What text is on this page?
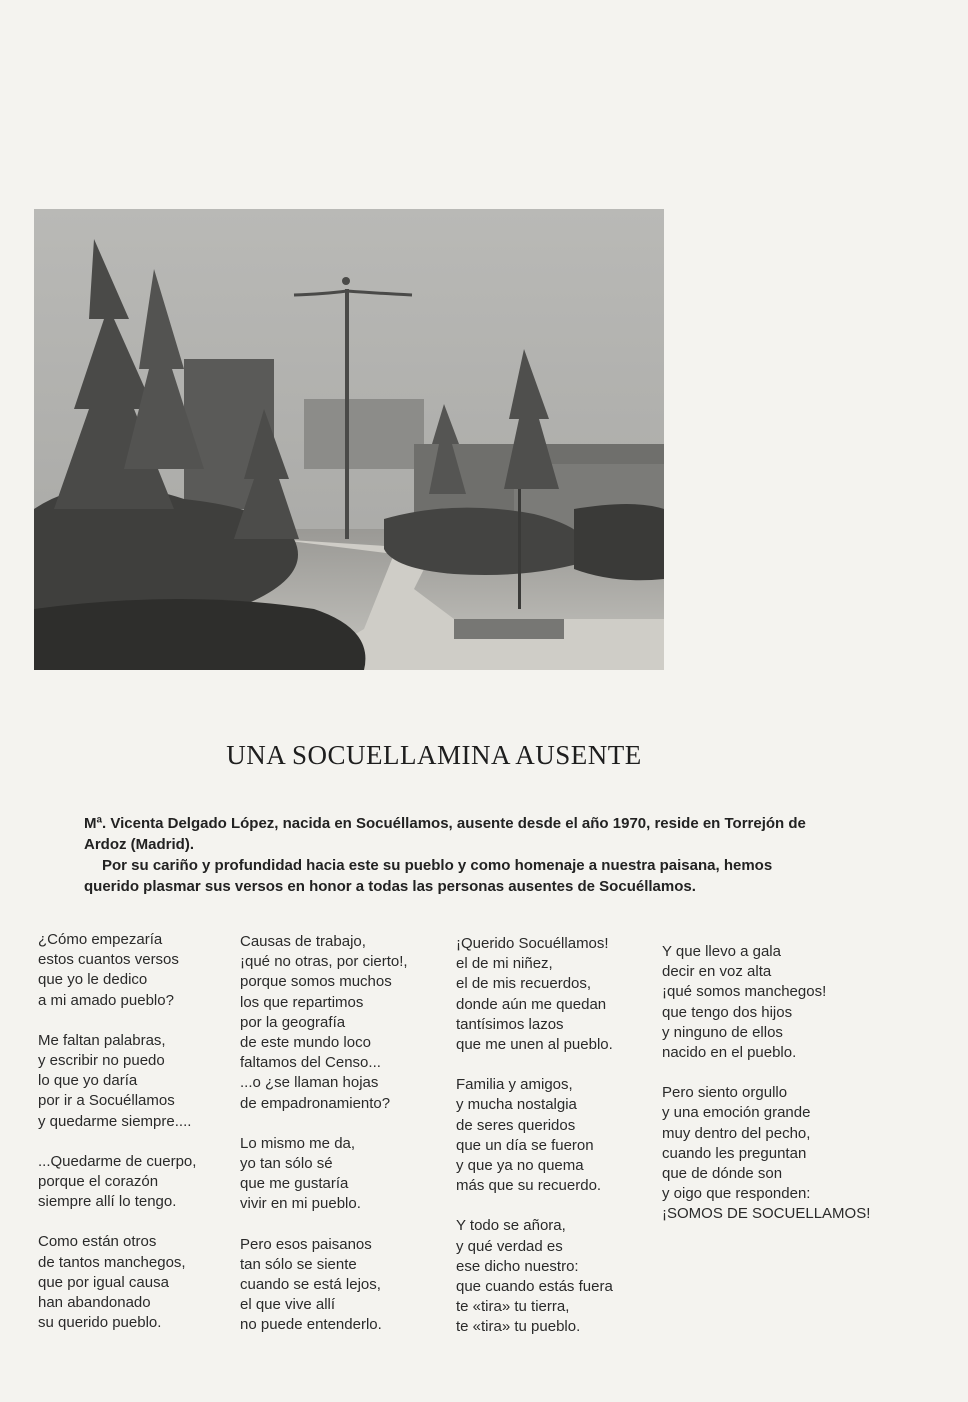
UNA SOCUELLAMINA AUSENTE

Mª. Vicenta Delgado López, nacida en Socuéllamos, ausente desde el año 1970, reside en Torrejón de Ardoz (Madrid).

Por su cariño y profundidad hacia este su pueblo y como homenaje a nuestra paisana, hemos querido plasmar sus versos en honor a todas las personas ausentes de Socuéllamos.

¿Cómo empezaría
estos cuantos versos
que yo le dedico
a mi amado pueblo?

Me faltan palabras,
y escribir no puedo
lo que yo daría
por ir a Socuéllamos
y quedarme siempre....

...Quedarme de cuerpo,
porque el corazón
siempre allí lo tengo.

Como están otros
de tantos manchegos,
que por igual causa
han abandonado
su querido pueblo.

Causas de trabajo,
¡qué no otras, por cierto!,
porque somos muchos
los que repartimos
por la geografía
de este mundo loco
faltamos del Censo...
...o ¿se llaman hojas
de empadronamiento?

Lo mismo me da,
yo tan sólo sé
que me gustaría
vivir en mi pueblo.

Pero esos paisanos
tan sólo se siente
cuando se está lejos,
el que vive allí
no puede entenderlo.

¡Querido Socuéllamos!
el de mi niñez,
el de mis recuerdos,
donde aún me quedan
tantísimos lazos
que me unen al pueblo.

Familia y amigos,
y mucha nostalgia
de seres queridos
que un día se fueron
y que ya no quema
más que su recuerdo.

Y todo se añora,
y qué verdad es
ese dicho nuestro:
que cuando estás fuera
te «tira» tu tierra,
te «tira» tu pueblo.

Y que llevo a gala
decir en voz alta
¡qué somos manchegos!
que tengo dos hijos
y ninguno de ellos
nacido en el pueblo.

Pero siento orgullo
y una emoción grande
muy dentro del pecho,
cuando les preguntan
que de dónde son
y oigo que responden:
¡SOMOS DE SOCUELLAMOS!
